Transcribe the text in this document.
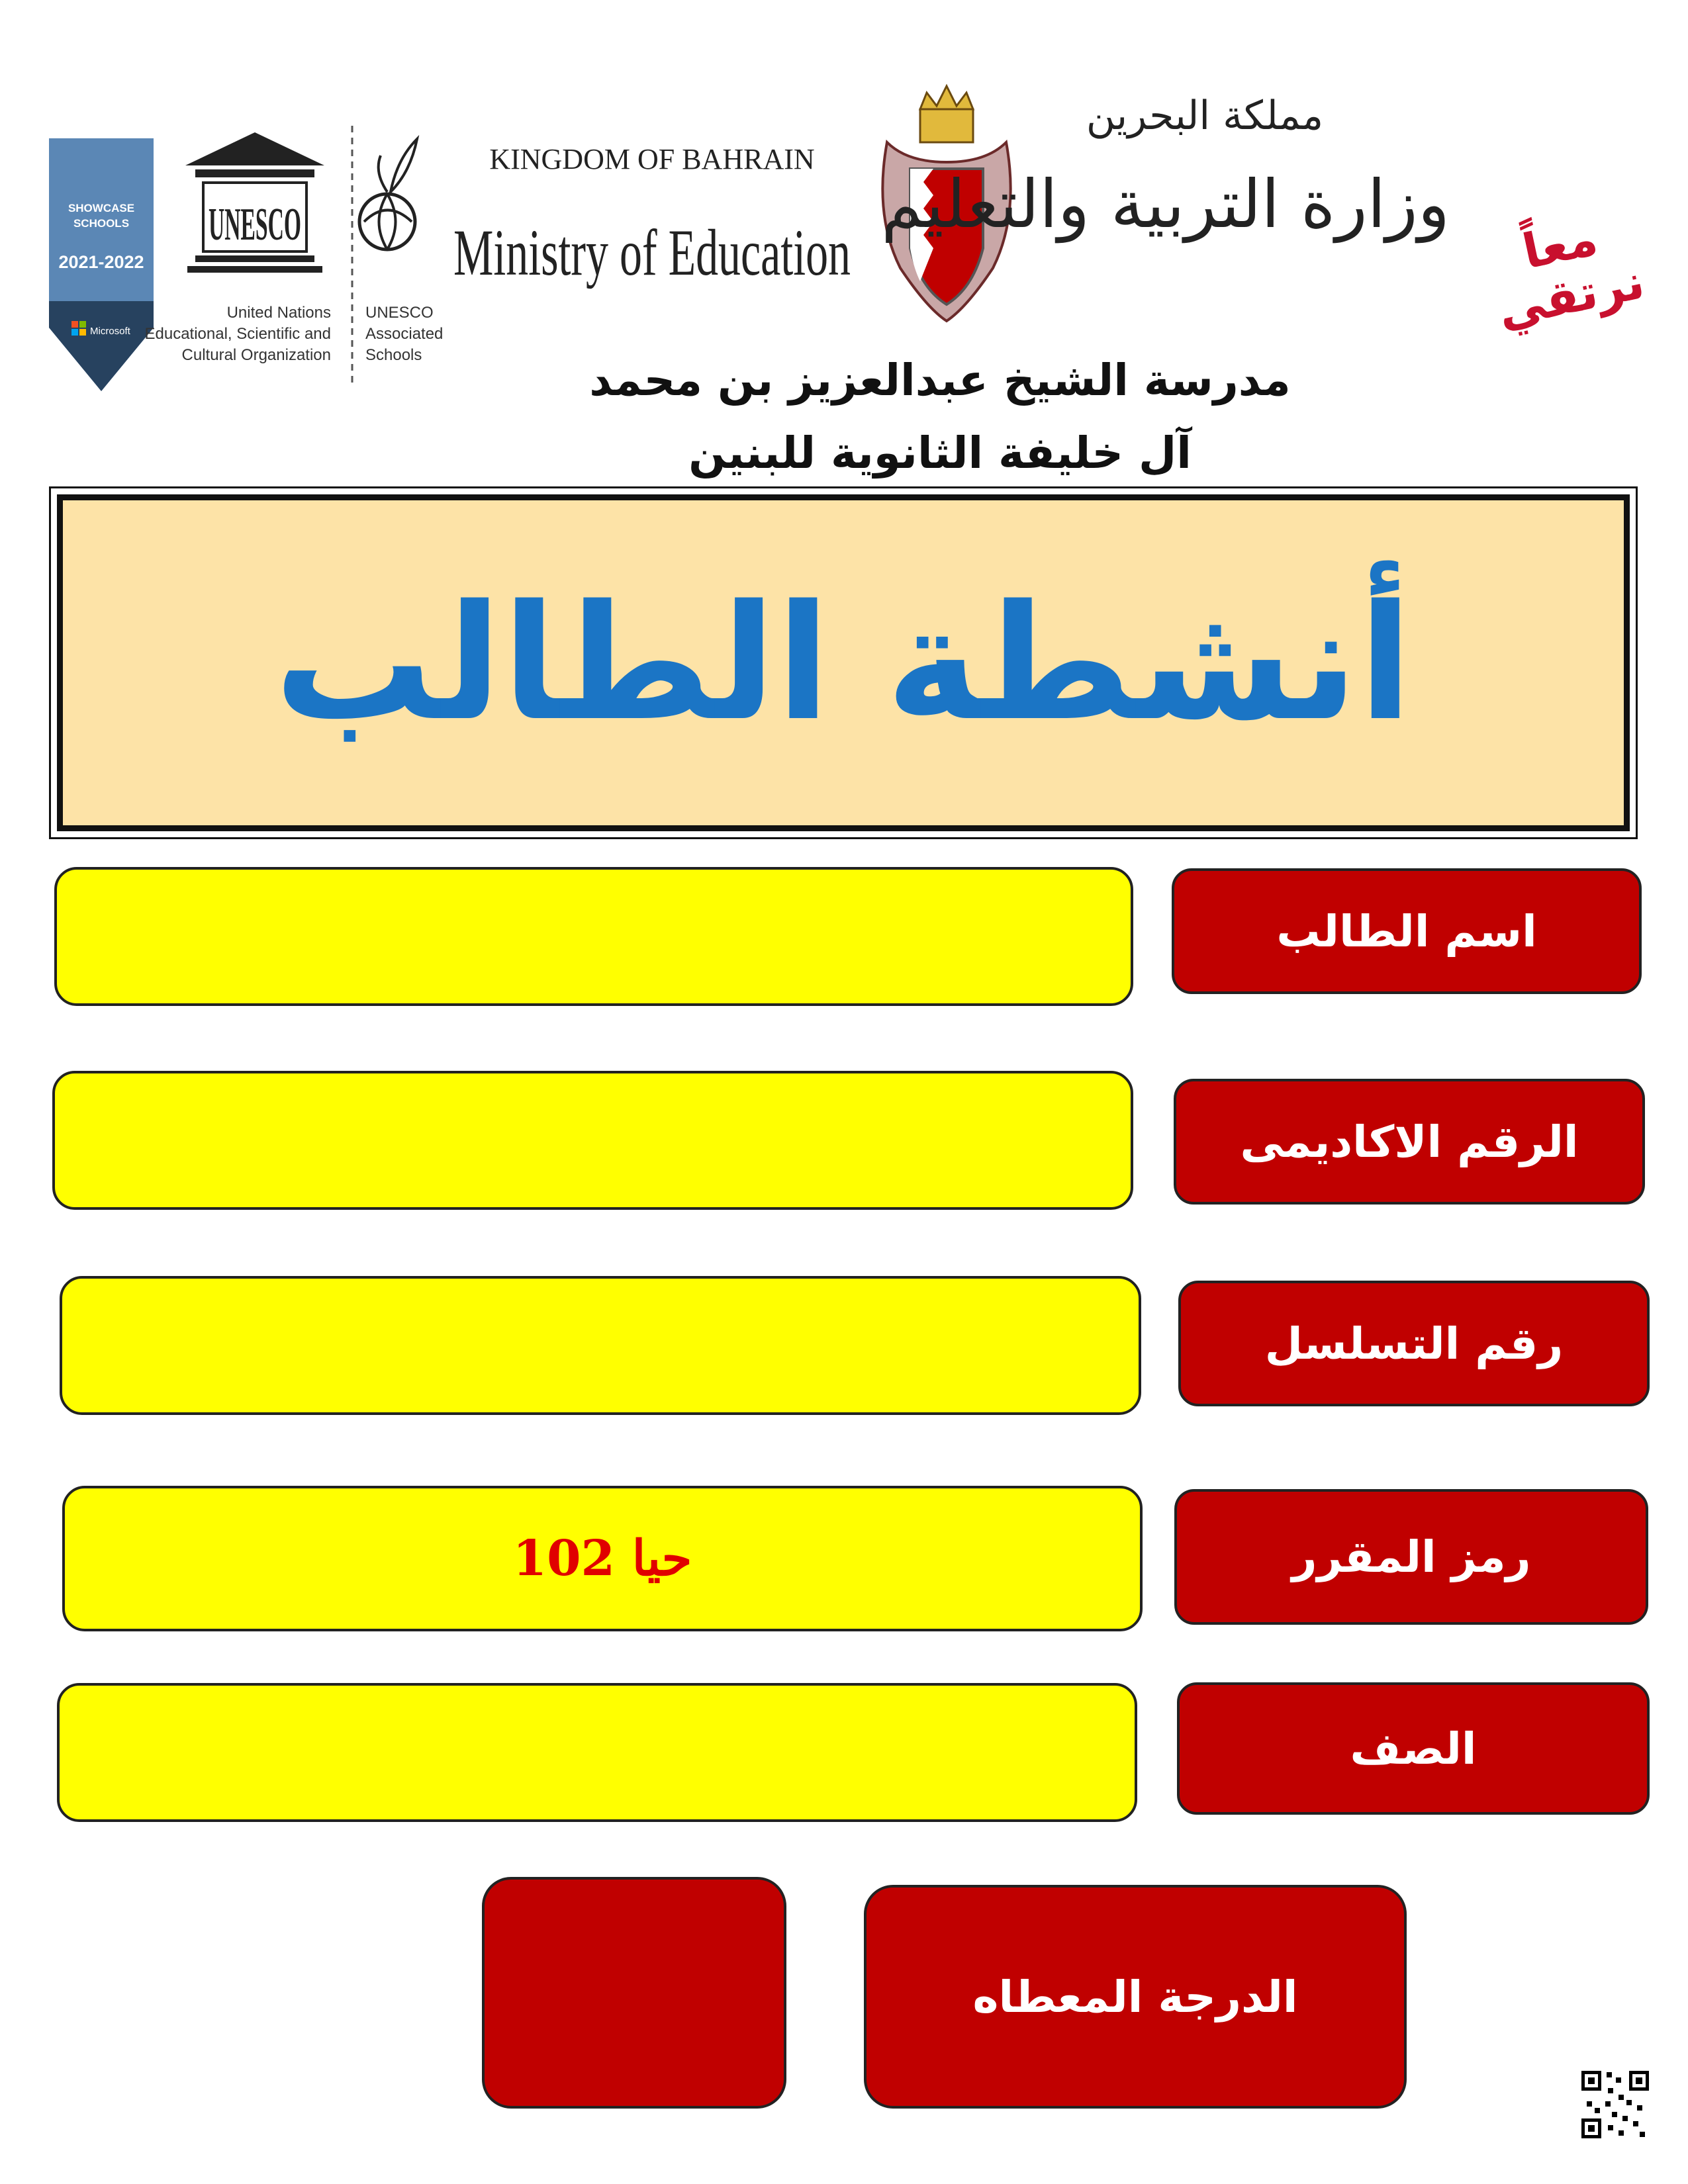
SHOWCASE
SCHOOLS
2021-2022
Microsoft
UNESCO
United Nations
Educational, Scientific and
Cultural Organization
UNESCO
Associated
Schools
KINGDOM OF BAHRAIN
Ministry of Education
مملكة البحرين
وزارة التربية والتعليم
مدرسة الشيخ عبدالعزيز بن محمد آل خليفة الثانوية للبنين
معاً نرتقي
أنشطة الطالب
اسم الطالب
الرقم الاكاديمى
رقم التسلسل
رمز المقرر
حيا 102
الصف
الدرجة المعطاه
